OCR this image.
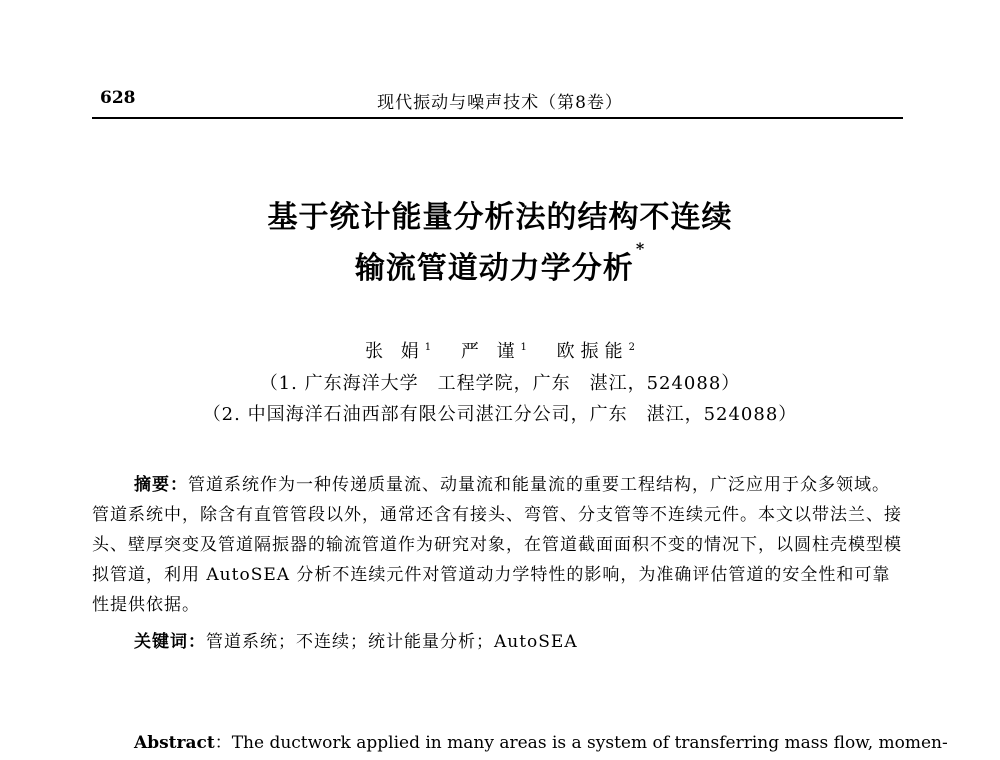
628	现代振动与噪声技术（第8卷）
基于统计能量分析法的结构不连续
输流管道动力学分析*
张 娟$^1$ 严 谨$^1$ 欧振能$^2$
（1. 广东海洋大学　工程学院，广东　湛江，524088）
（2. 中国海洋石油西部有限公司湛江分公司，广东　湛江，524088）
摘要：管道系统作为一种传递质量流、动量流和能量流的重要工程结构，广泛应用于众多领域。管道系统中，除含有直管管段以外，通常还含有接头、弯管、分支管等不连续元件。本文以带法兰、接头、壁厚突变及管道隔振器的输流管道作为研究对象，在管道截面面积不变的情况下，以圆柱壳模型模拟管道，利用 AutoSEA 分析不连续元件对管道动力学特性的影响，为准确评估管道的安全性和可靠性提供依据。
关键词：管道系统；不连续；统计能量分析；AutoSEA
Abstract：The ductwork applied in many areas is a system of transferring mass flow, momen-
